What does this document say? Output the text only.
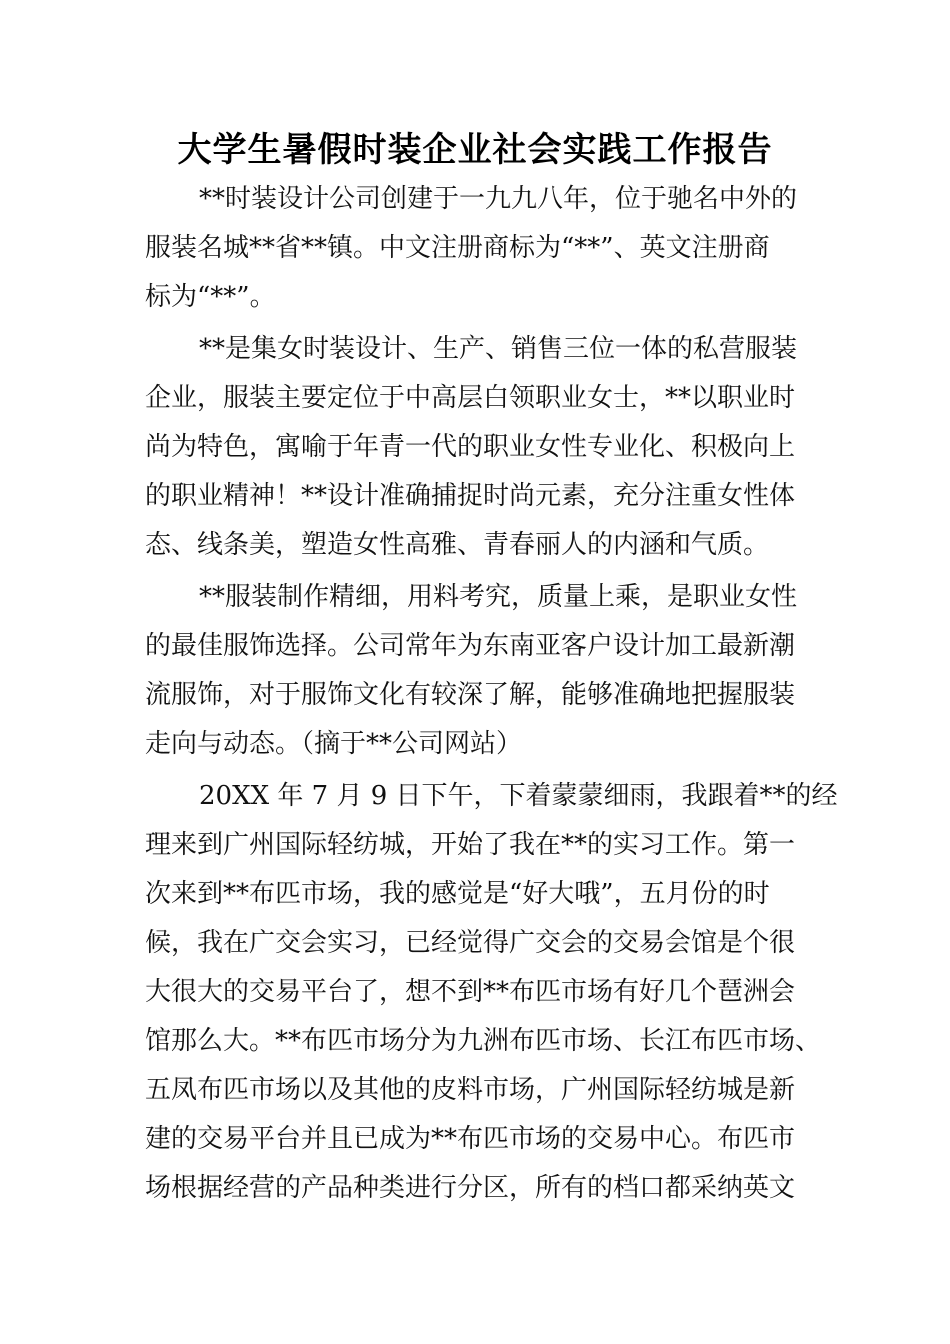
大学生暑假时装企业社会实践工作报告
**时装设计公司创建于一九九八年，位于驰名中外的
服装名城**省**镇。中文注册商标为“**”、英文注册商
标为“**”。
**是集女时装设计、生产、销售三位一体的私营服装
企业，服装主要定位于中高层白领职业女士，**以职业时
尚为特色，寓喻于年青一代的职业女性专业化、积极向上
的职业精神！**设计准确捕捉时尚元素，充分注重女性体
态、线条美，塑造女性高雅、青春丽人的内涵和气质。
**服装制作精细，用料考究，质量上乘，是职业女性
的最佳服饰选择。公司常年为东南亚客户设计加工最新潮
流服饰，对于服饰文化有较深了解，能够准确地把握服装
走向与动态。（摘于**公司网站）
20XX 年 7 月 9 日下午，下着蒙蒙细雨，我跟着**的经
理来到广州国际轻纺城，开始了我在**的实习工作。第一
次来到**布匹市场，我的感觉是“好大哦”，五月份的时
候，我在广交会实习，已经觉得广交会的交易会馆是个很
大很大的交易平台了，想不到**布匹市场有好几个琶洲会
馆那么大。**布匹市场分为九洲布匹市场、长江布匹市场、
五凤布匹市场以及其他的皮料市场，广州国际轻纺城是新
建的交易平台并且已成为**布匹市场的交易中心。布匹市
场根据经营的产品种类进行分区，所有的档口都采纳英文
